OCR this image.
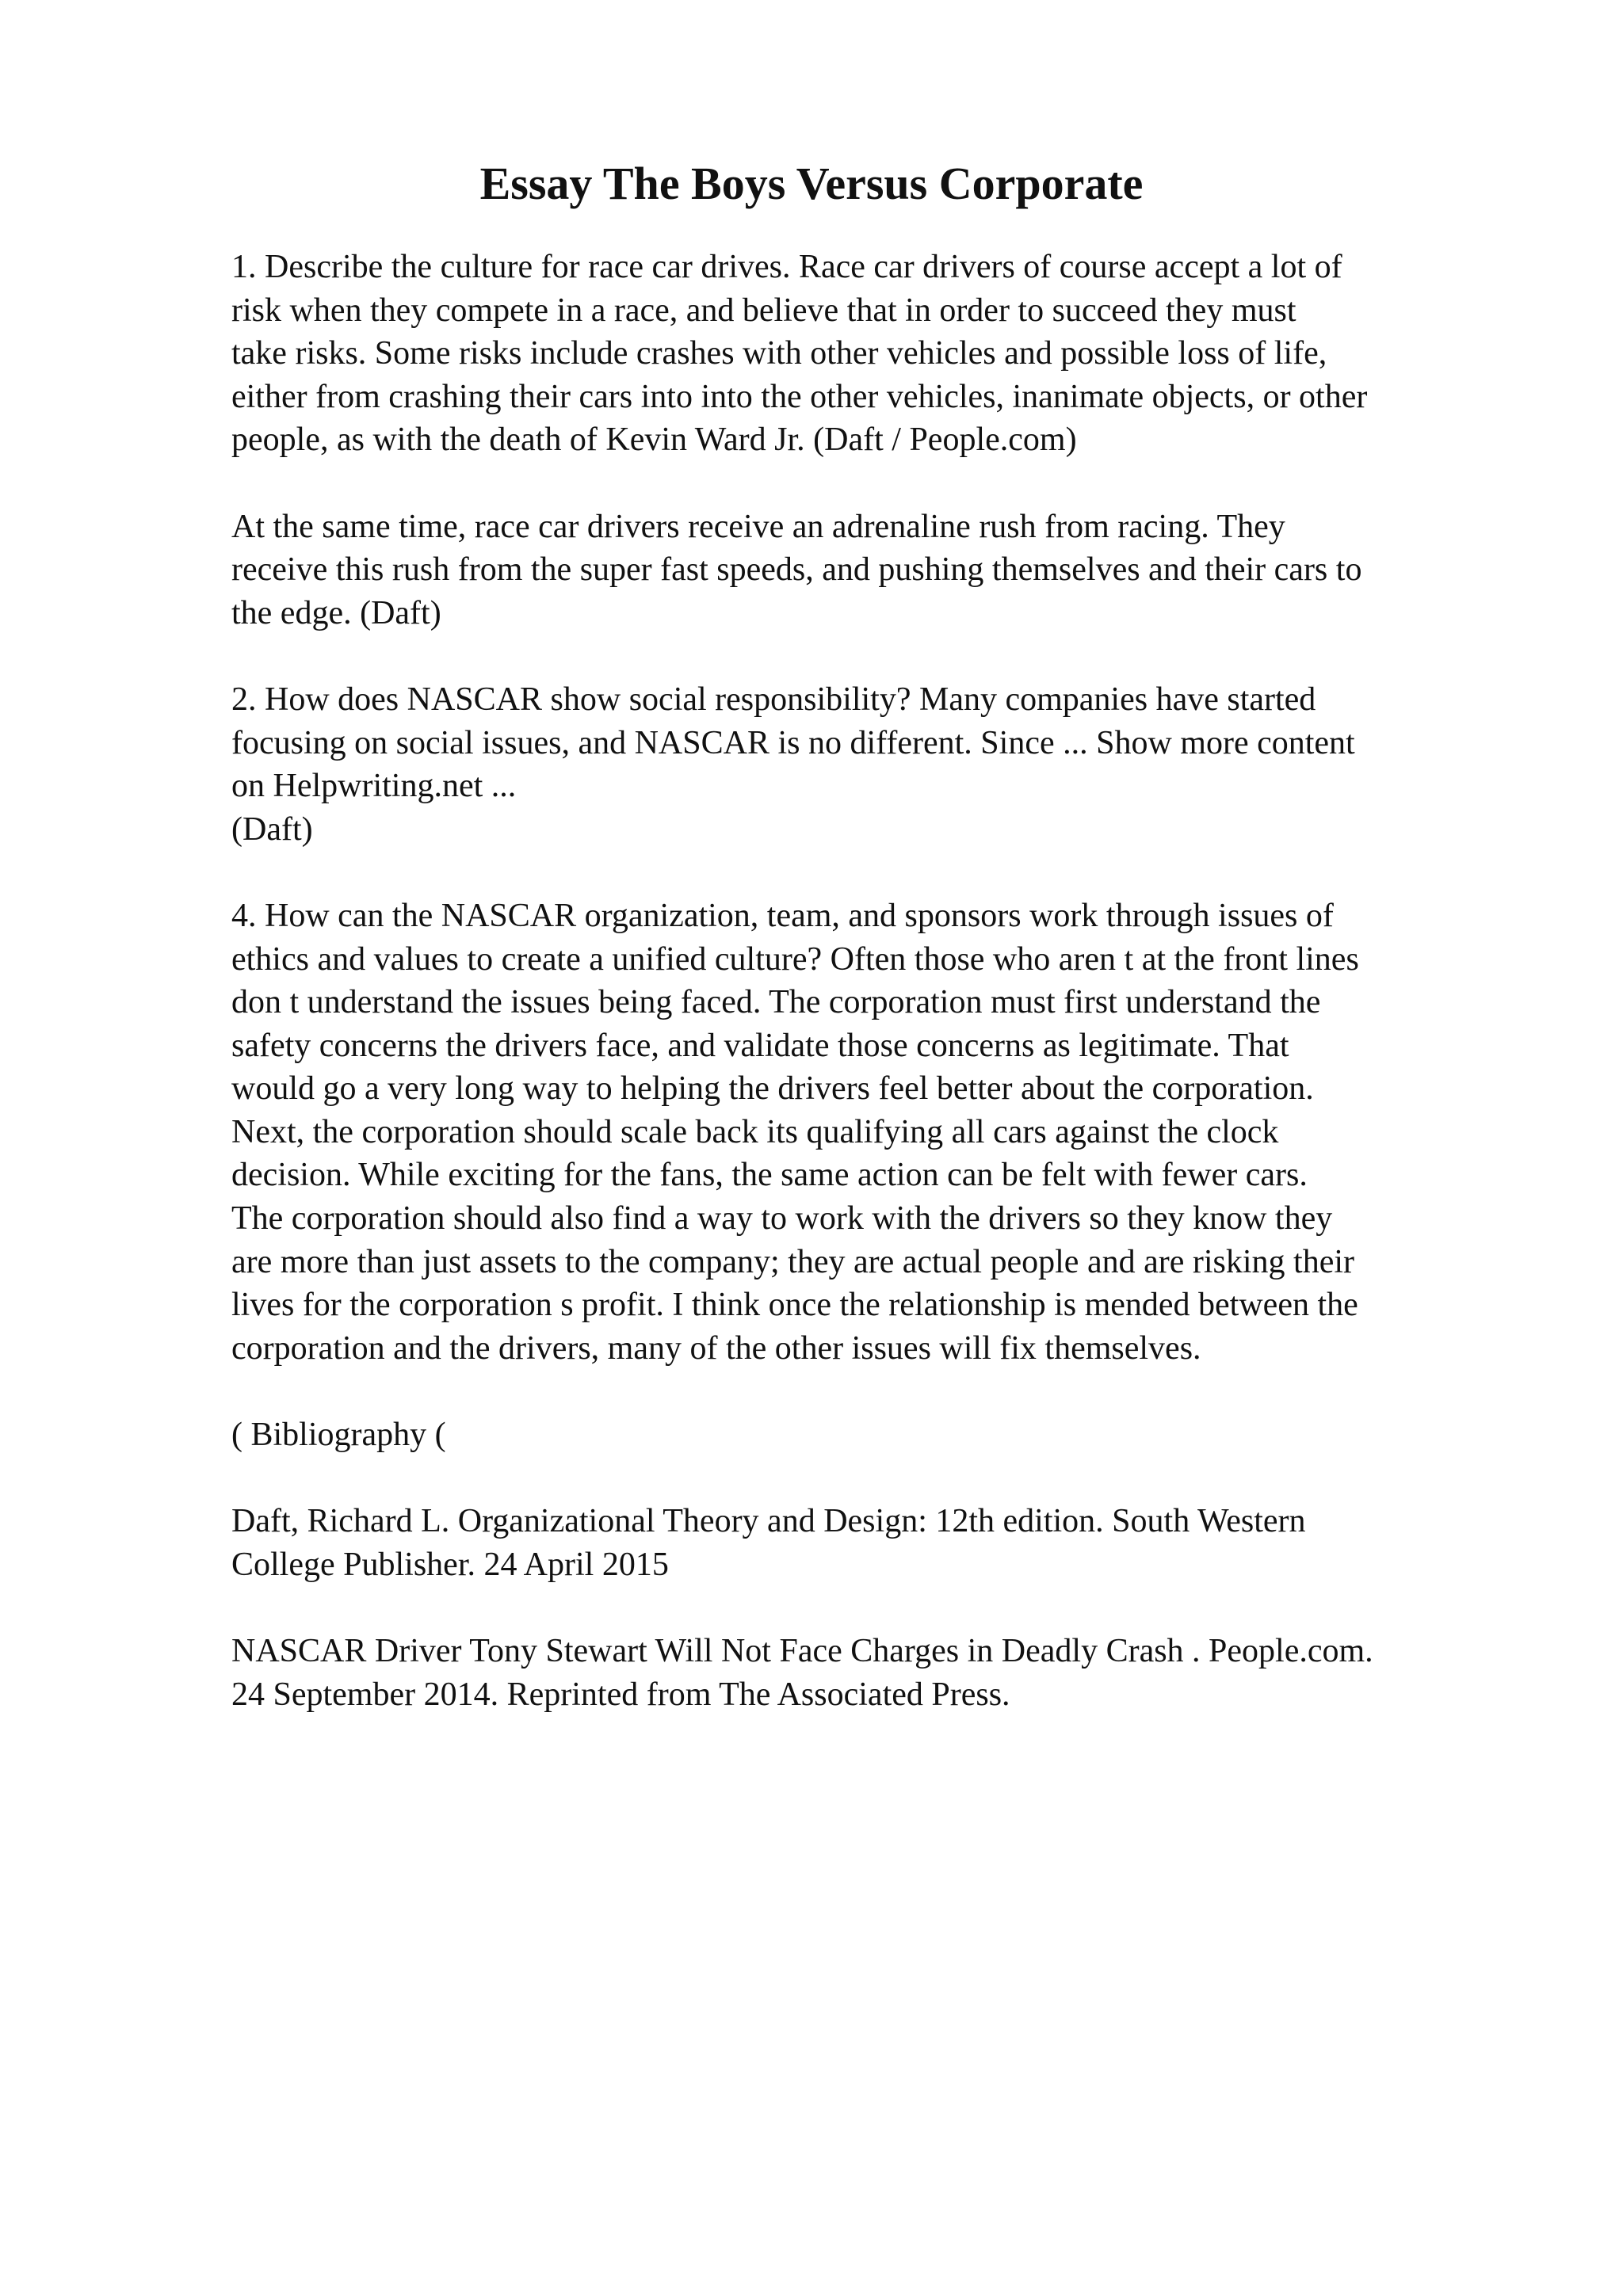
Essay The Boys Versus Corporate

1. Describe the culture for race car drives. Race car drivers of course accept a lot of
risk when they compete in a race, and believe that in order to succeed they must
take risks. Some risks include crashes with other vehicles and possible loss of life,
either from crashing their cars into into the other vehicles, inanimate objects, or other
people, as with the death of Kevin Ward Jr. (Daft / People.com)

At the same time, race car drivers receive an adrenaline rush from racing. They
receive this rush from the super fast speeds, and pushing themselves and their cars to
the edge. (Daft)

2. How does NASCAR show social responsibility? Many companies have started
focusing on social issues, and NASCAR is no different. Since ... Show more content
on Helpwriting.net ...

(Daft)

4. How can the NASCAR organization, team, and sponsors work through issues of
ethics and values to create a unified culture? Often those who aren t at the front lines
don t understand the issues being faced. The corporation must first understand the
safety concerns the drivers face, and validate those concerns as legitimate. That
would go a very long way to helping the drivers feel better about the corporation.
Next, the corporation should scale back its qualifying all cars against the clock
decision. While exciting for the fans, the same action can be felt with fewer cars.
The corporation should also find a way to work with the drivers so they know they
are more than just assets to the company; they are actual people and are risking their
lives for the corporation s profit. I think once the relationship is mended between the
corporation and the drivers, many of the other issues will fix themselves.

( Bibliography (

Daft, Richard L. Organizational Theory and Design: 12th edition. South Western
College Publisher. 24 April 2015

NASCAR Driver Tony Stewart Will Not Face Charges in Deadly Crash . People.com.
24 September 2014. Reprinted from The Associated Press.
